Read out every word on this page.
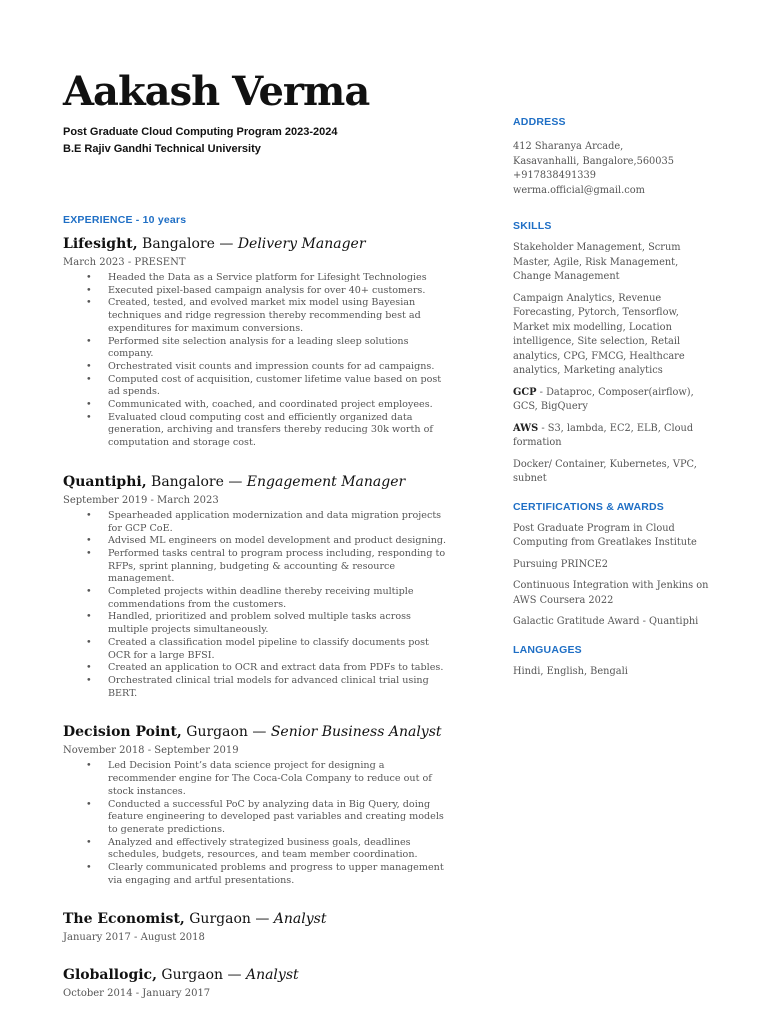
Aakash Verma
Post Graduate Cloud Computing Program 2023-2024
B.E Rajiv Gandhi Technical University
EXPERIENCE - 10 years
Lifesight, Bangalore — Delivery Manager
March 2023 - PRESENT
• Headed the Data as a Service platform for Lifesight Technologies
• Executed pixel-based campaign analysis for over 40+ customers.
• Created, tested, and evolved market mix model using Bayesian techniques and ridge regression thereby recommending best ad expenditures for maximum conversions.
• Performed site selection analysis for a leading sleep solutions company.
• Orchestrated visit counts and impression counts for ad campaigns.
• Computed cost of acquisition, customer lifetime value based on post ad spends.
• Communicated with, coached, and coordinated project employees.
• Evaluated cloud computing cost and efficiently organized data generation, archiving and transfers thereby reducing 30k worth of computation and storage cost.
Quantiphi, Bangalore — Engagement Manager
September 2019 - March 2023
• Spearheaded application modernization and data migration projects for GCP CoE.
• Advised ML engineers on model development and product designing.
• Performed tasks central to program process including, responding to RFPs, sprint planning, budgeting & accounting & resource management.
• Completed projects within deadline thereby receiving multiple commendations from the customers.
• Handled, prioritized and problem solved multiple tasks across multiple projects simultaneously.
• Created a classification model pipeline to classify documents post OCR for a large BFSI.
• Created an application to OCR and extract data from PDFs to tables.
• Orchestrated clinical trial models for advanced clinical trial using BERT.
Decision Point, Gurgaon — Senior Business Analyst
November 2018 - September 2019
• Led Decision Point’s data science project for designing a recommender engine for The Coca-Cola Company to reduce out of stock instances.
• Conducted a successful PoC by analyzing data in Big Query, doing feature engineering to developed past variables and creating models to generate predictions.
• Analyzed and effectively strategized business goals, deadlines schedules, budgets, resources, and team member coordination.
• Clearly communicated problems and progress to upper management via engaging and artful presentations.
The Economist, Gurgaon — Analyst
January 2017 - August 2018
Globallogic, Gurgaon — Analyst
October 2014 - January 2017
ADDRESS
412 Sharanya Arcade,
Kasavanhalli, Bangalore,560035
+917838491339
werma.official@gmail.com
SKILLS
Stakeholder Management, Scrum Master, Agile, Risk Management, Change Management
Campaign Analytics, Revenue Forecasting, Pytorch, Tensorflow, Market mix modelling, Location intelligence, Site selection, Retail analytics, CPG, FMCG, Healthcare analytics, Marketing analytics
GCP - Dataproc, Composer(airflow), GCS, BigQuery
AWS - S3, lambda, EC2, ELB, Cloud formation
Docker/ Container, Kubernetes, VPC, subnet
CERTIFICATIONS & AWARDS
Post Graduate Program in Cloud Computing from Greatlakes Institute
Pursuing PRINCE2
Continuous Integration with Jenkins on AWS Coursera 2022
Galactic Gratitude Award - Quantiphi
LANGUAGES
Hindi, English, Bengali
